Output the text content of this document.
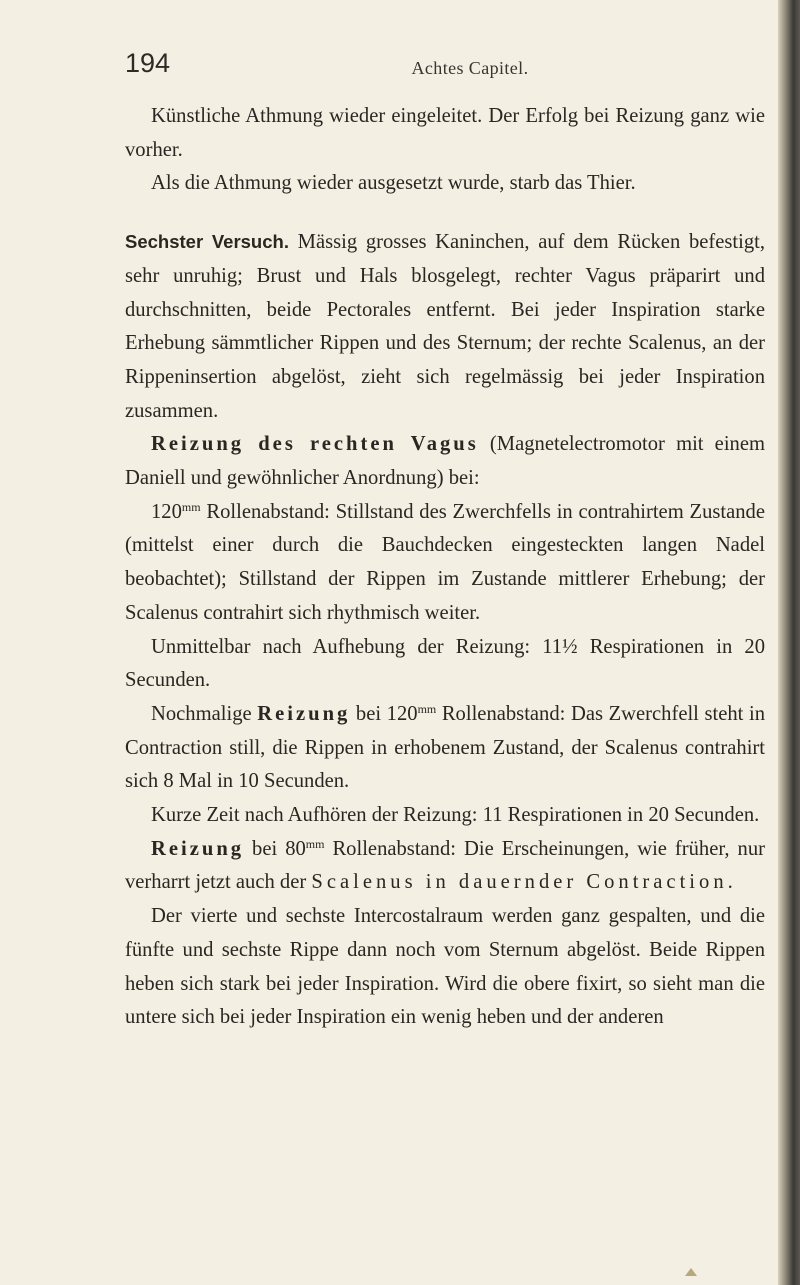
194	Achtes Capitel.

Künstliche Athmung wieder eingeleitet. Der Erfolg bei Reizung ganz wie vorher.

Als die Athmung wieder ausgesetzt wurde, starb das Thier.

Sechster Versuch. Mässig grosses Kaninchen, auf dem Rücken befestigt, sehr unruhig; Brust und Hals blosgelegt, rechter Vagus präparirt und durchschnitten, beide Pectorales entfernt. Bei jeder Inspiration starke Erhebung sämmtlicher Rippen und des Sternum; der rechte Scalenus, an der Rippeninsertion abgelöst, zieht sich regelmässig bei jeder Inspiration zusammen.

Reizung des rechten Vagus (Magnetelectromotor mit einem Daniell und gewöhnlicher Anordnung) bei:

$120^{mm}$ Rollenabstand: Stillstand des Zwerchfells in contrahirtem Zustande (mittelst einer durch die Bauchdecken eingesteckten langen Nadel beobachtet); Stillstand der Rippen im Zustande mittlerer Erhebung; der Scalenus contrahirt sich rhythmisch weiter.

Unmittelbar nach Aufhebung der Reizung: 11½ Respirationen in 20 Secunden.

Nochmalige Reizung bei $120^{mm}$ Rollenabstand: Das Zwerchfell steht in Contraction still, die Rippen in erhobenem Zustand, der Scalenus contrahirt sich 8 Mal in 10 Secunden.

Kurze Zeit nach Aufhören der Reizung: 11 Respirationen in 20 Secunden.

Reizung bei $80^{mm}$ Rollenabstand: Die Erscheinungen, wie früher, nur verharrt jetzt auch der Scalenus in dauernder Contraction.

Der vierte und sechste Intercostalraum werden ganz gespalten, und die fünfte und sechste Rippe dann noch vom Sternum abgelöst. Beide Rippen heben sich stark bei jeder Inspiration. Wird die obere fixirt, so sieht man die untere sich bei jeder Inspiration ein wenig heben und der anderen
